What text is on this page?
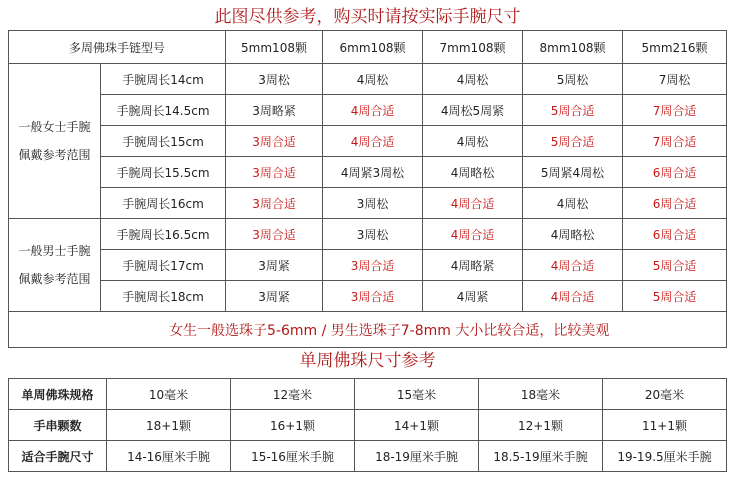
此图尽供参考，购买时请按实际手腕尺寸
多周佛珠手链型号		5mm108颗	6mm108颗	7mm108颗	8mm108颗	5mm216颗

一般女士手腕
佩戴参考范围	手腕周长14cm	3周松	4周松	4周松	5周松	7周松
	手腕周长14.5cm	3周略紧	4周合适	4周松5周紧	5周合适	7周合适
	手腕周长15cm	3周合适	4周合适	4周松	5周合适	7周合适
	手腕周长15.5cm	3周合适	4周紧3周松	4周略松	5周紧4周松	6周合适
	手腕周长16cm	3周合适	3周松	4周合适	4周松	6周合适

一般男士手腕
佩戴参考范围	手腕周长16.5cm	3周合适	3周松	4周合适	4周略松	6周合适
	手腕周长17cm	3周紧	3周合适	4周略紧	4周合适	5周合适
	手腕周长18cm	3周紧	3周合适	4周紧	4周合适	5周合适
女生一般选珠子5-6mm / 男生选珠子7-8mm 大小比较合适，比较美观						
单周佛珠尺寸参考
单周佛珠规格	10毫米	12毫米	15毫米	18毫米	20毫米
手串颗数	18+1颗	16+1颗	14+1颗	12+1颗	11+1颗
适合手腕尺寸	14-16厘米手腕	15-16厘米手腕	18-19厘米手腕	18.5-19厘米手腕	19-19.5厘米手腕
